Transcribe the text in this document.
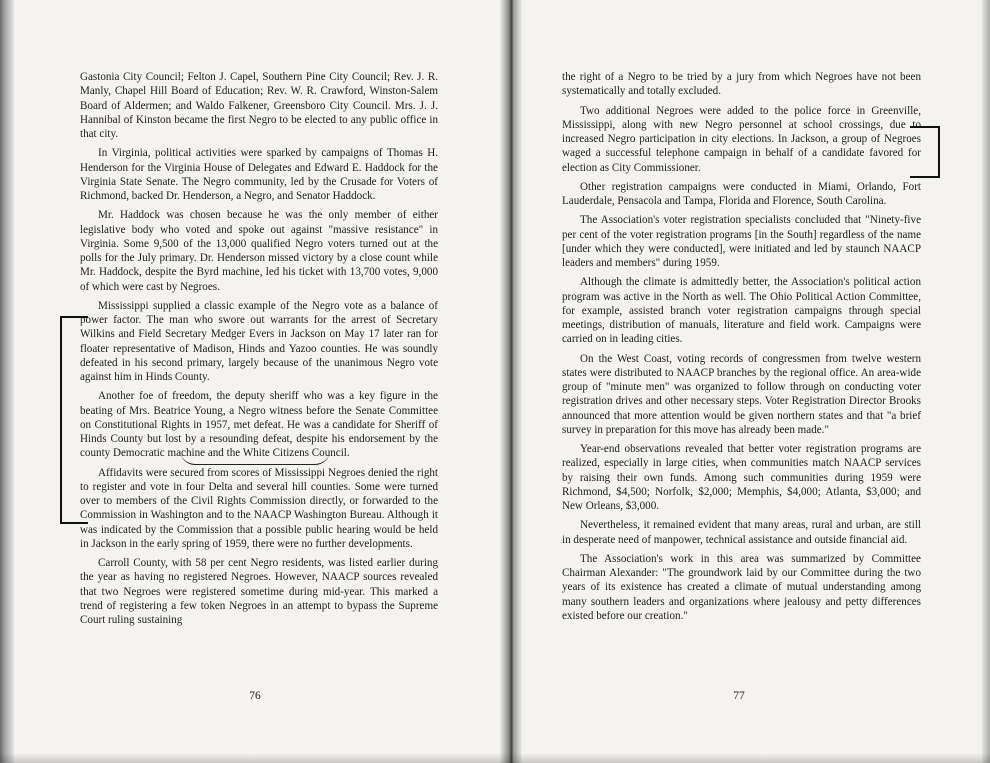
Gastonia City Council; Felton J. Capel, Southern Pine City Council; Rev. J. R. Manly, Chapel Hill Board of Education; Rev. W. R. Crawford, Winston-Salem Board of Aldermen; and Waldo Falkener, Greensboro City Council. Mrs. J. J. Hannibal of Kinston became the first Negro to be elected to any public office in that city.

In Virginia, political activities were sparked by campaigns of Thomas H. Henderson for the Virginia House of Delegates and Edward E. Haddock for the Virginia State Senate. The Negro community, led by the Crusade for Voters of Richmond, backed Dr. Henderson, a Negro, and Senator Haddock.

Mr. Haddock was chosen because he was the only member of either legislative body who voted and spoke out against "massive resistance" in Virginia. Some 9,500 of the 13,000 qualified Negro voters turned out at the polls for the July primary. Dr. Henderson missed victory by a close count while Mr. Haddock, despite the Byrd machine, led his ticket with 13,700 votes, 9,000 of which were cast by Negroes.

Mississippi supplied a classic example of the Negro vote as a balance of power factor. The man who swore out warrants for the arrest of Secretary Wilkins and Field Secretary Medger Evers in Jackson on May 17 later ran for floater representative of Madison, Hinds and Yazoo counties. He was soundly defeated in his second primary, largely because of the unanimous Negro vote against him in Hinds County.

Another foe of freedom, the deputy sheriff who was a key figure in the beating of Mrs. Beatrice Young, a Negro witness before the Senate Committee on Constitutional Rights in 1957, met defeat. He was a candidate for Sheriff of Hinds County but lost by a resounding defeat, despite his endorsement by the county Democratic machine and the White Citizens Council.

Affidavits were secured from scores of Mississippi Negroes denied the right to register and vote in four Delta and several hill counties. Some were turned over to members of the Civil Rights Commission directly, or forwarded to the Commission in Washington and to the NAACP Washington Bureau. Although it was indicated by the Commission that a possible public hearing would be held in Jackson in the early spring of 1959, there were no further developments.

Carroll County, with 58 per cent Negro residents, was listed earlier during the year as having no registered Negroes. However, NAACP sources revealed that two Negroes were registered sometime during mid-year. This marked a trend of registering a few token Negroes in an attempt to bypass the Supreme Court ruling sustaining

the right of a Negro to be tried by a jury from which Negroes have not been systematically and totally excluded.

Two additional Negroes were added to the police force in Greenville, Mississippi, along with new Negro personnel at school crossings, due to increased Negro participation in city elections. In Jackson, a group of Negroes waged a successful telephone campaign in behalf of a candidate favored for election as City Commissioner.

Other registration campaigns were conducted in Miami, Orlando, Fort Lauderdale, Pensacola and Tampa, Florida and Florence, South Carolina.

The Association's voter registration specialists concluded that "Ninety-five per cent of the voter registration programs [in the South] regardless of the name [under which they were conducted], were initiated and led by staunch NAACP leaders and members" during 1959.

Although the climate is admittedly better, the Association's political action program was active in the North as well. The Ohio Political Action Committee, for example, assisted branch voter registration campaigns through special meetings, distribution of manuals, literature and field work. Campaigns were carried on in leading cities.

On the West Coast, voting records of congressmen from twelve western states were distributed to NAACP branches by the regional office. An area-wide group of "minute men" was organized to follow through on conducting voter registration drives and other necessary steps. Voter Registration Director Brooks announced that more attention would be given northern states and that "a brief survey in preparation for this move has already been made."

Year-end observations revealed that better voter registration programs are realized, especially in large cities, when communities match NAACP services by raising their own funds. Among such communities during 1959 were Richmond, $4,500; Norfolk, $2,000; Memphis, $4,000; Atlanta, $3,000; and New Orleans, $3,000.

Nevertheless, it remained evident that many areas, rural and urban, are still in desperate need of manpower, technical assistance and outside financial aid.

The Association's work in this area was summarized by Committee Chairman Alexander: "The groundwork laid by our Committee during the two years of its existence has created a climate of mutual understanding among many southern leaders and organizations where jealousy and petty differences existed before our creation."

76	77
